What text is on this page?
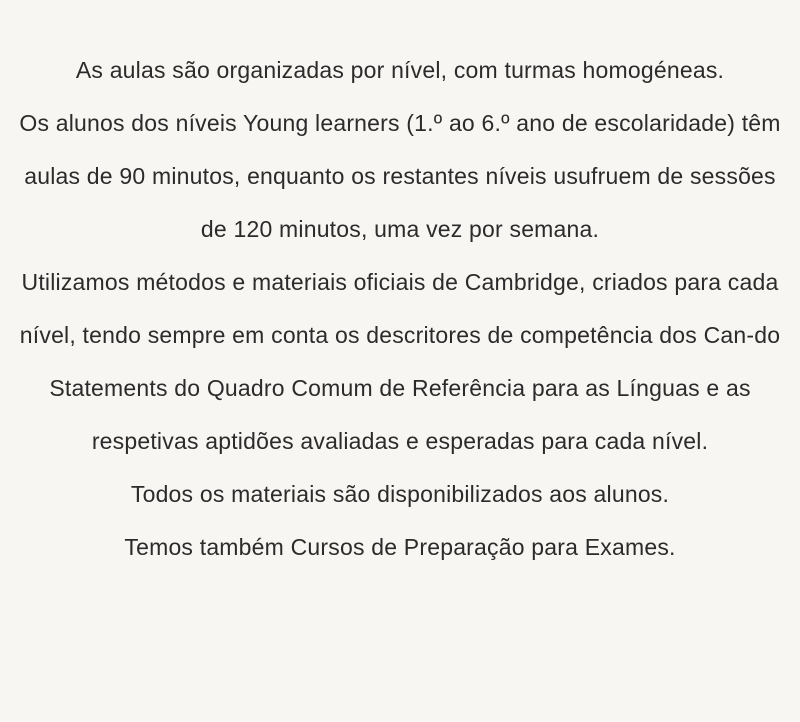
As aulas são organizadas por nível, com turmas homogéneas.

Os alunos dos níveis Young learners (1.º ao 6.º ano de escolaridade) têm aulas de 90 minutos, enquanto os restantes níveis usufruem de sessões de 120 minutos, uma vez por semana.

Utilizamos métodos e materiais oficiais de Cambridge, criados para cada nível, tendo sempre em conta os descritores de competência dos Can-do Statements do Quadro Comum de Referência para as Línguas e as respetivas aptidões avaliadas e esperadas para cada nível.

Todos os materiais são disponibilizados aos alunos.

Temos também Cursos de Preparação para Exames.
